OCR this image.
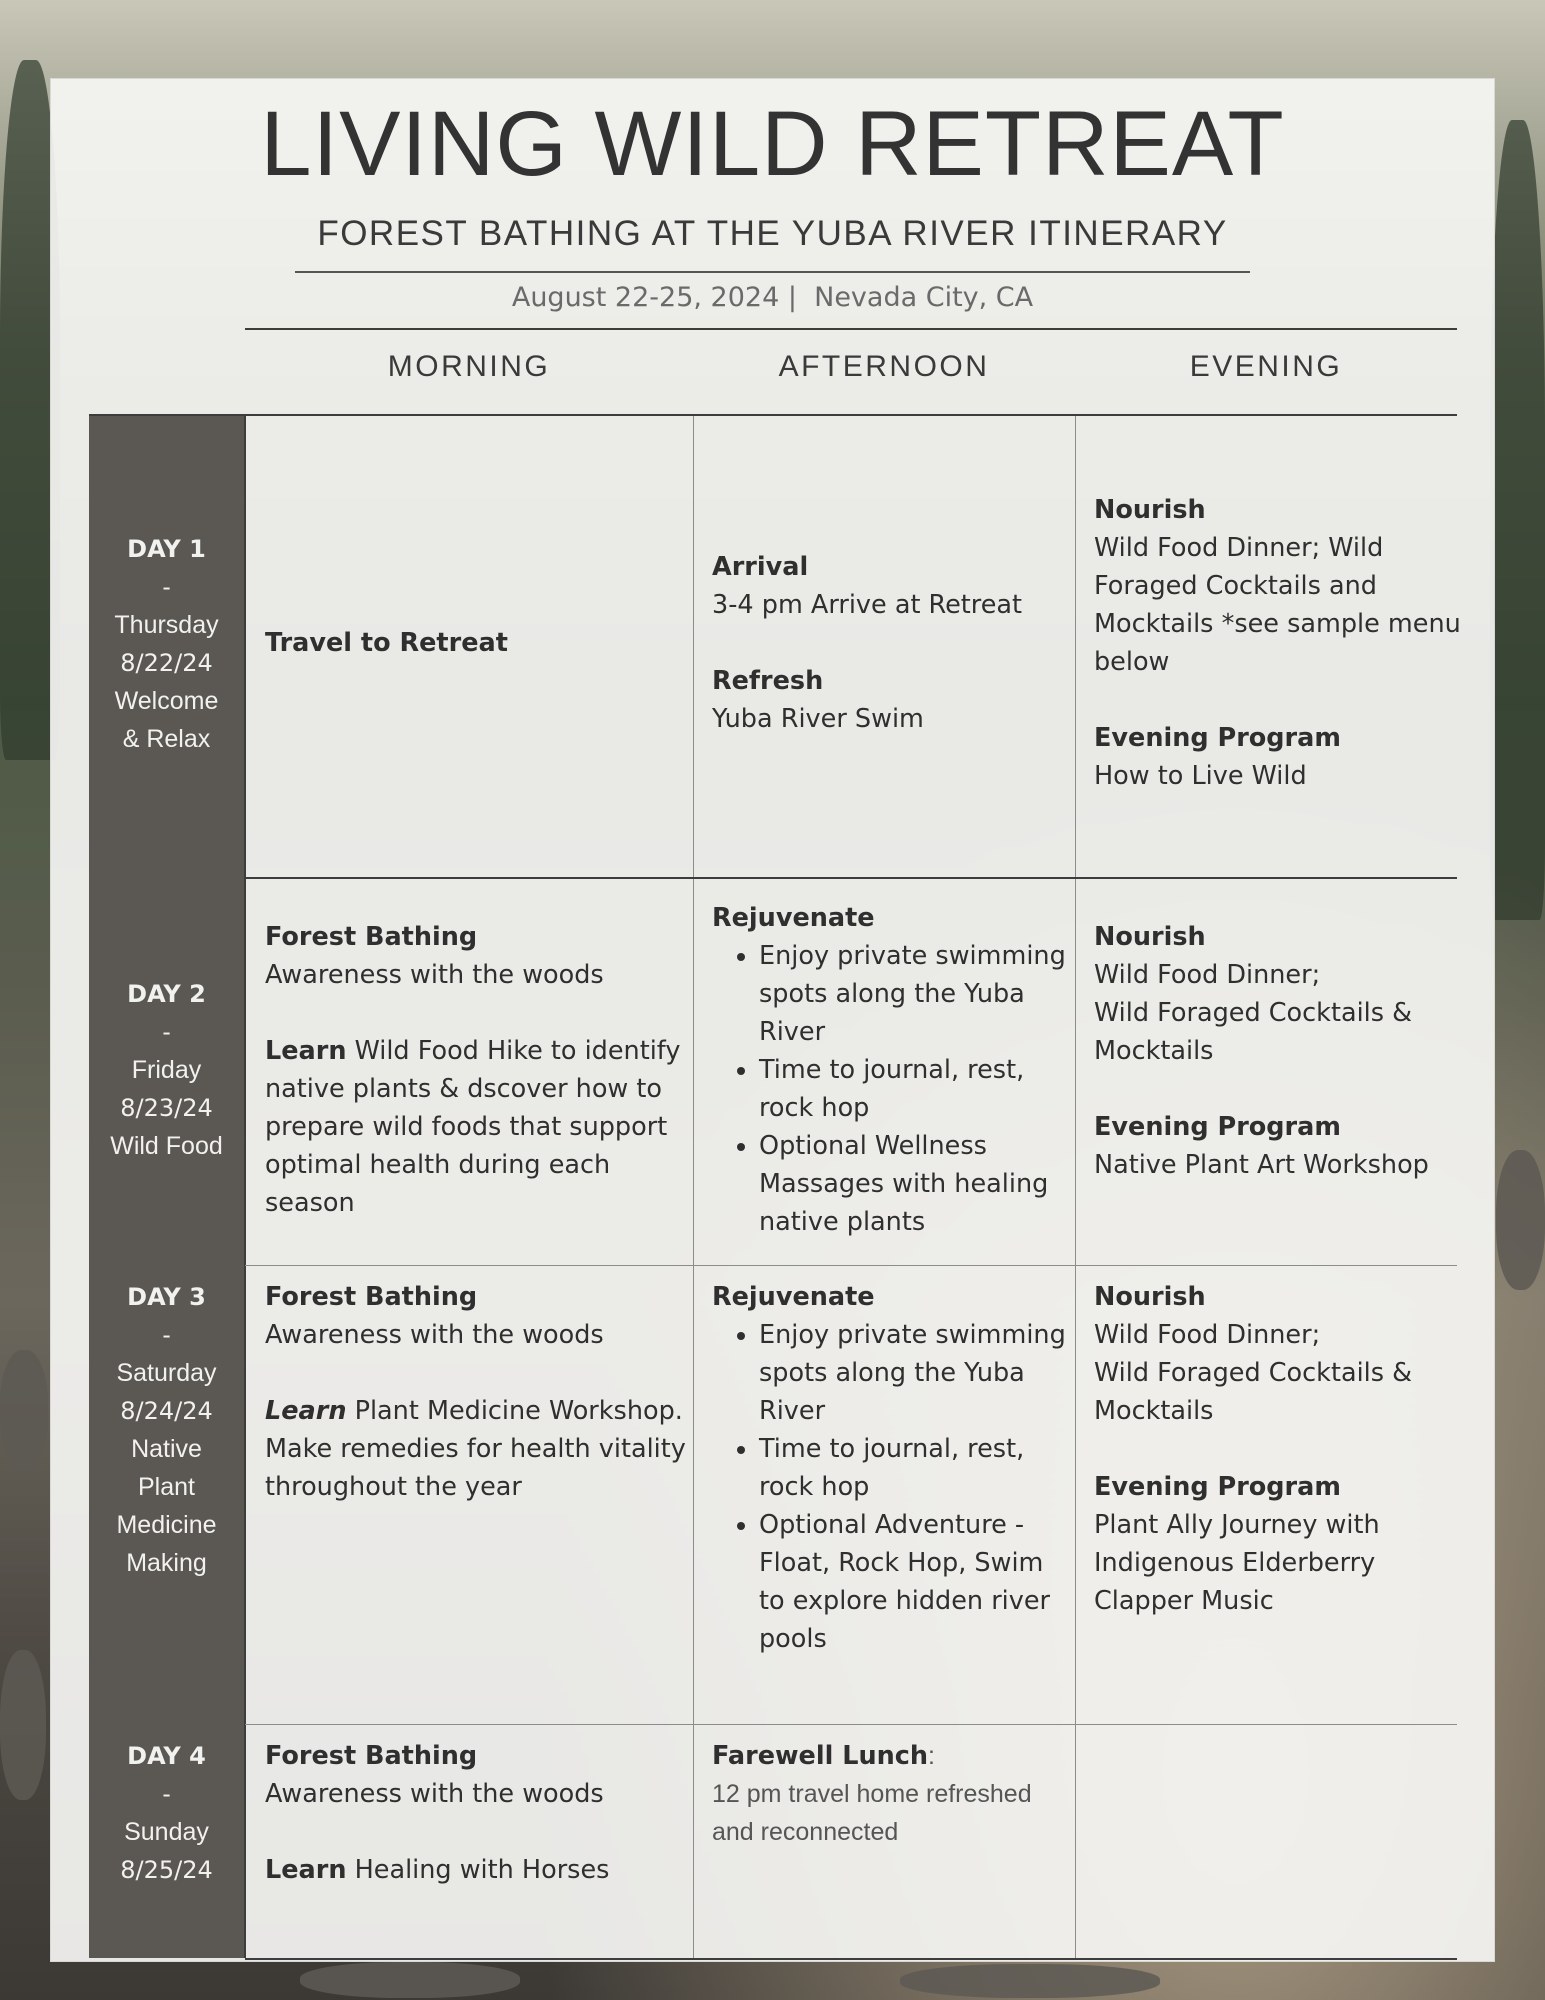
LIVING WILD RETREAT
FOREST BATHING AT THE YUBA RIVER ITINERARY
August 22-25, 2024 | Nevada City, CA
MORNING	AFTERNOON	EVENING
DAY 1
-
Thursday
8/22/24
Welcome
& Relax
Travel to Retreat
Arrival
3-4 pm Arrive at Retreat
Refresh
Yuba River Swim
Nourish
Wild Food Dinner; Wild
Foraged Cocktails and
Mocktails *see sample menu
below
Evening Program
How to Live Wild
DAY 2
-
Friday
8/23/24
Wild Food
Forest Bathing
Awareness with the woods
Learn Wild Food Hike to identify
native plants & dscover how to
prepare wild foods that support
optimal health during each
season
Rejuvenate
• Enjoy private swimming
spots along the Yuba
River
• Time to journal, rest,
rock hop
• Optional Wellness
Massages with healing
native plants
Nourish
Wild Food Dinner;
Wild Foraged Cocktails &
Mocktails
Evening Program
Native Plant Art Workshop
DAY 3
-
Saturday
8/24/24
Native
Plant
Medicine
Making
Forest Bathing
Awareness with the woods
Learn Plant Medicine Workshop.
Make remedies for health vitality
throughout the year
Rejuvenate
• Enjoy private swimming
spots along the Yuba
River
• Time to journal, rest,
rock hop
• Optional Adventure -
Float, Rock Hop, Swim
to explore hidden river
pools
Nourish
Wild Food Dinner;
Wild Foraged Cocktails &
Mocktails
Evening Program
Plant Ally Journey with
Indigenous Elderberry
Clapper Music
DAY 4
-
Sunday
8/25/24
Forest Bathing
Awareness with the woods
Learn Healing with Horses
Farewell Lunch:
12 pm travel home refreshed
and reconnected
